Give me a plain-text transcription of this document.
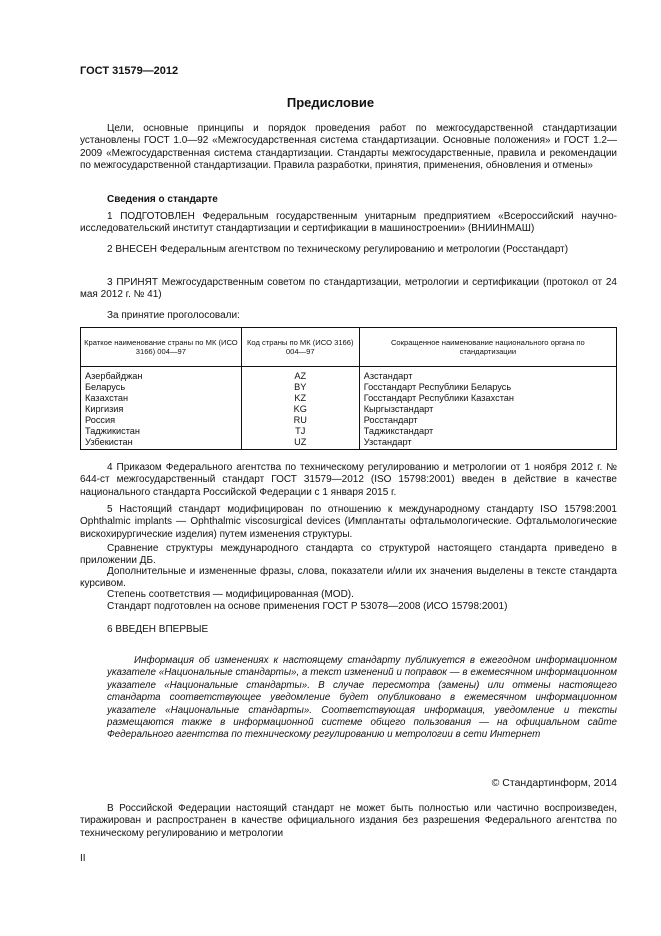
ГОСТ 31579—2012
Предисловие
Цели, основные принципы и порядок проведения работ по межгосударственной стандартизации установлены ГОСТ 1.0—92 «Межгосударственная система стандартизации. Основные положения» и ГОСТ 1.2—2009 «Межгосударственная система стандартизации. Стандарты межгосударственные, правила и рекомендации по межгосударственной стандартизации. Правила разработки, принятия, применения, обновления и отмены»
Сведения о стандарте
1 ПОДГОТОВЛЕН Федеральным государственным унитарным предприятием «Всероссийский научно-исследовательский институт стандартизации и сертификации в машиностроении» (ВНИИНМАШ)
2 ВНЕСЕН Федеральным агентством по техническому регулированию и метрологии (Росстандарт)
3 ПРИНЯТ Межгосударственным советом по стандартизации, метрологии и сертификации (протокол от 24 мая 2012 г. № 41)
За принятие проголосовали:
Краткое наименование страны по МК (ИСО 3166) 004—97	Код страны по МК (ИСО 3166) 004—97	Сокращенное наименование национального органа по стандартизации
Азербайджан	AZ	Азстандарт
Беларусь	BY	Госстандарт Республики Беларусь
Казахстан	KZ	Госстандарт Республики Казахстан
Киргизия	KG	Кыргызстандарт
Россия	RU	Росстандарт
Таджикистан	TJ	Таджикстандарт
Узбекистан	UZ	Узстандарт
4 Приказом Федерального агентства по техническому регулированию и метрологии от 1 ноября 2012 г. № 644-ст межгосударственный стандарт ГОСТ 31579—2012 (ISO 15798:2001) введен в действие в качестве национального стандарта Российской Федерации с 1 января 2015 г.
5 Настоящий стандарт модифицирован по отношению к международному стандарту ISO 15798:2001 Ophthalmic implants — Ophthalmic viscosurgical devices (Имплантаты офтальмологические. Офтальмологические вискохирургические изделия) путем изменения структуры.
Сравнение структуры международного стандарта со структурой настоящего стандарта приведено в приложении ДБ.
Дополнительные и измененные фразы, слова, показатели и/или их значения выделены в тексте стандарта курсивом.
Степень соответствия — модифицированная (MOD).
Стандарт подготовлен на основе применения ГОСТ Р 53078—2008 (ИСО 15798:2001)
6 ВВЕДЕН ВПЕРВЫЕ
Информация об изменениях к настоящему стандарту публикуется в ежегодном информационном указателе «Национальные стандарты», а текст изменений и поправок — в ежемесячном информационном указателе «Национальные стандарты». В случае пересмотра (замены) или отмены настоящего стандарта соответствующее уведомление будет опубликовано в ежемесячном информационном указателе «Национальные стандарты». Соответствующая информация, уведомление и тексты размещаются также в информационной системе общего пользования — на официальном сайте Федерального агентства по техническому регулированию и метрологии в сети Интернет
© Стандартинформ, 2014
В Российской Федерации настоящий стандарт не может быть полностью или частично воспроизведен, тиражирован и распространен в качестве официального издания без разрешения Федерального агентства по техническому регулированию и метрологии
II
